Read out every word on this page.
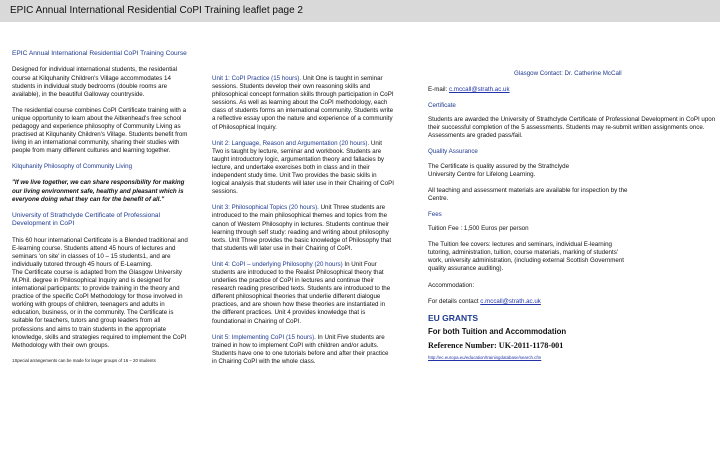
EPIC Annual International Residential CoPI Training leaflet page 2

EPIC Annual International Residential CoPI Training Course

Designed for individual international students, the residential course at Kilquhanity Children's Village accommodates 14 students in individual study bedrooms (double rooms are available), in the beautiful Galloway countryside.

The residential course combines CoPI Certificate training with a unique opportunity to learn about the Aitkenhead's free school pedagogy and experience philosophy of Community Living as practised at Kilquhanity Children's Village. Students benefit from living in an international community, sharing their studies with people from many different cultures and learning together.

Kilquhanity Philosophy of Community Living

"If we live together, we can share responsibility for making our living environment safe, healthy and pleasant which is everyone doing what they can for the benefit of all."

University of Strathclyde Certificate of Professional Development in CoPI

This 60 hour international Certificate is a Blended traditional and E-learning course. Students attend 45 hours of lectures and seminars 'on site' in classes of 10 – 15 students1, and are individually tutored through 45 hours of E-Learning.

The Certificate course is adapted from the Glasgow University M.Phil. degree in Philosophical Inquiry and is designed for international participants: to provide training in the theory and practice of the specific CoPI Methodology for those involved in working with groups of children, teenagers and adults in education, business, or in the community. The Certificate is suitable for teachers, tutors and group leaders from all professions and aims to train students in the appropriate knowledge, skills and strategies required to implement the CoPI Methodology with their own groups.

1Special arrangements can be made for larger groups of 16 – 20 students

Unit 1: CoPI Practice (15 hours). Unit One is taught in seminar sessions. Students develop their own reasoning skills and philosophical concept formation skills through participation in CoPI sessions. As well as learning about the CoPI methodology, each class of students forms an international community. Students write a reflective essay upon the nature and experience of a community of Philosophical Inquiry.

Unit 2: Language, Reason and Argumentation (20 hours). Unit Two is taught by lecture, seminar and workbook. Students are taught introductory logic, argumentation theory and fallacies by lecture, and undertake exercises both in class and in their independent study time. Unit Two provides the basic skills in logical analysis that students will later use in their Chairing of CoPI sessions.

Unit 3: Philosophical Topics (20 hours). Unit Three students are introduced to the main philosophical themes and topics from the canon of Western Philosophy in lectures. Students continue their learning through self study: reading and writing about philosophy texts. Unit Three provides the basic knowledge of Philosophy that that students will later use in their Chairing of CoPI.

Unit 4: CoPI – underlying Philosophy (20 hours) In Unit Four students are introduced to the Realist Philosophical theory that underlies the practice of CoPI in lectures and continue their research reading prescribed texts. Students are introduced to the different philosophical theories that underlie different dialogue practices, and are shown how these theories are instantiated in the different practices. Unit 4 provides knowledge that is foundational in Chairing of CoPI.

Unit 5: Implementing CoPI (15 hours). In Unit Five students are trained in how to implement CoPI with children and/or adults. Students have one to one tutorials before and after their practice in Chairing CoPI with the whole class.

Glasgow Contact: Dr. Catherine McCall

E-mail: c.mccall@strath.ac.uk

Certificate

Students are awarded the University of Strathclyde Certificate of Professional Development in CoPI upon their successful completion of the 5 assessments. Students may re-submit written assignments once. Assessments are graded pass/fail.

Quality Assurance

The Certificate is quality assured by the Strathclyde University Centre for Lifelong Learning.

All teaching and assessment materials are available for inspection by the Centre.

Fees

Tuition Fee : 1,500 Euros per person

The Tuition fee covers: lectures and seminars, individual E-learning tutoring, administration, tuition, course materials, marking of students' work, university administration, (including external Scottish Government quality assurance auditing).

Accommodation:

For details contact c.mccall@strath.ac.uk

EU GRANTS

For both Tuition and Accommodation

Reference Number: UK-2011-1178-001

http://ec.europa.eu/education/trainingdatabase/search.cfm
